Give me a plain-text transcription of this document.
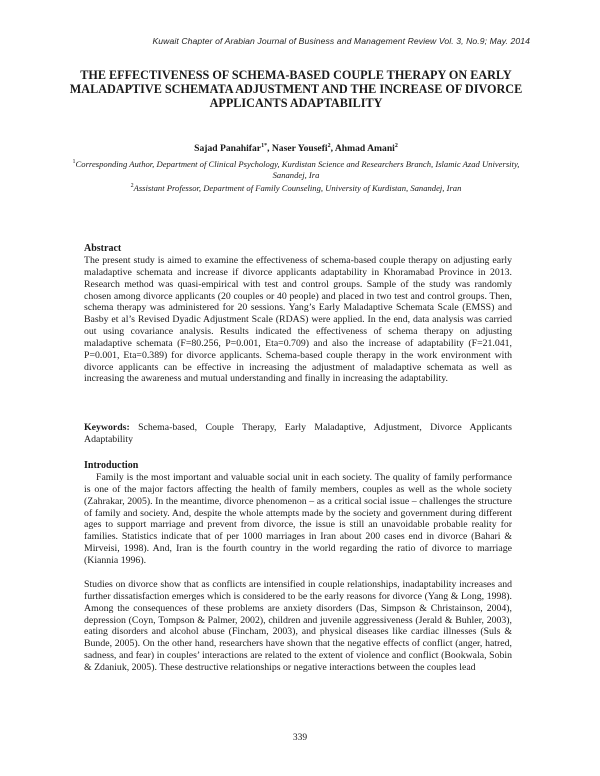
Kuwait Chapter of Arabian Journal of Business and Management Review Vol. 3, No.9; May. 2014
THE EFFECTIVENESS OF SCHEMA-BASED COUPLE THERAPY ON EARLY MALADAPTIVE SCHEMATA ADJUSTMENT AND THE INCREASE OF DIVORCE APPLICANTS ADAPTABILITY

Sajad Panahifar$^{1*}$, Naser Yousefi$^2$, Ahmad Amani$^2$

$^1$Corresponding Author, Department of Clinical Psychology, Kurdistan Science and Researchers Branch, Islamic Azad University, Sanandej, Ira

$^2$Assistant Professor, Department of Family Counseling, University of Kurdistan, Sanandej, Iran

Abstract

The present study is aimed to examine the effectiveness of schema-based couple therapy on adjusting early maladaptive schemata and increase if divorce applicants adaptability in Khoramabad Province in 2013. Research method was quasi-empirical with test and control groups. Sample of the study was randomly chosen among divorce applicants (20 couples or 40 people) and placed in two test and control groups. Then, schema therapy was administered for 20 sessions. Yang’s Early Maladaptive Schemata Scale (EMSS) and Basby et al’s Revised Dyadic Adjustment Scale (RDAS) were applied. In the end, data analysis was carried out using covariance analysis. Results indicated the effectiveness of schema therapy on adjusting maladaptive schemata (F=80.256, P=0.001, Eta=0.709) and also the increase of adaptability (F=21.041, P=0.001, Eta=0.389) for divorce applicants. Schema-based couple therapy in the work environment with divorce applicants can be effective in increasing the adjustment of maladaptive schemata as well as increasing the awareness and mutual understanding and finally in increasing the adaptability.

Keywords: Schema-based, Couple Therapy, Early Maladaptive, Adjustment, Divorce Applicants Adaptability

Introduction

Family is the most important and valuable social unit in each society. The quality of family performance is one of the major factors affecting the health of family members, couples as well as the whole society (Zahrakar, 2005). In the meantime, divorce phenomenon – as a critical social issue – challenges the structure of family and society. And, despite the whole attempts made by the society and government during different ages to support marriage and prevent from divorce, the issue is still an unavoidable probable reality for families. Statistics indicate that of per 1000 marriages in Iran about 200 cases end in divorce (Bahari & Mirveisi, 1998). And, Iran is the fourth country in the world regarding the ratio of divorce to marriage (Kiannia 1996).

Studies on divorce show that as conflicts are intensified in couple relationships, inadaptability increases and further dissatisfaction emerges which is considered to be the early reasons for divorce (Yang & Long, 1998). Among the consequences of these problems are anxiety disorders (Das, Simpson & Christainson, 2004), depression (Coyn, Tompson & Palmer, 2002), children and juvenile aggressiveness (Jerald & Buhler, 2003), eating disorders and alcohol abuse (Fincham, 2003), and physical diseases like cardiac illnesses (Suls & Bunde, 2005). On the other hand, researchers have shown that the negative effects of conflict (anger, hatred, sadness, and fear) in couples’ interactions are related to the extent of violence and conflict (Bookwala, Sobin & Zdaniuk, 2005). These destructive relationships or negative interactions between the couples lead

339
